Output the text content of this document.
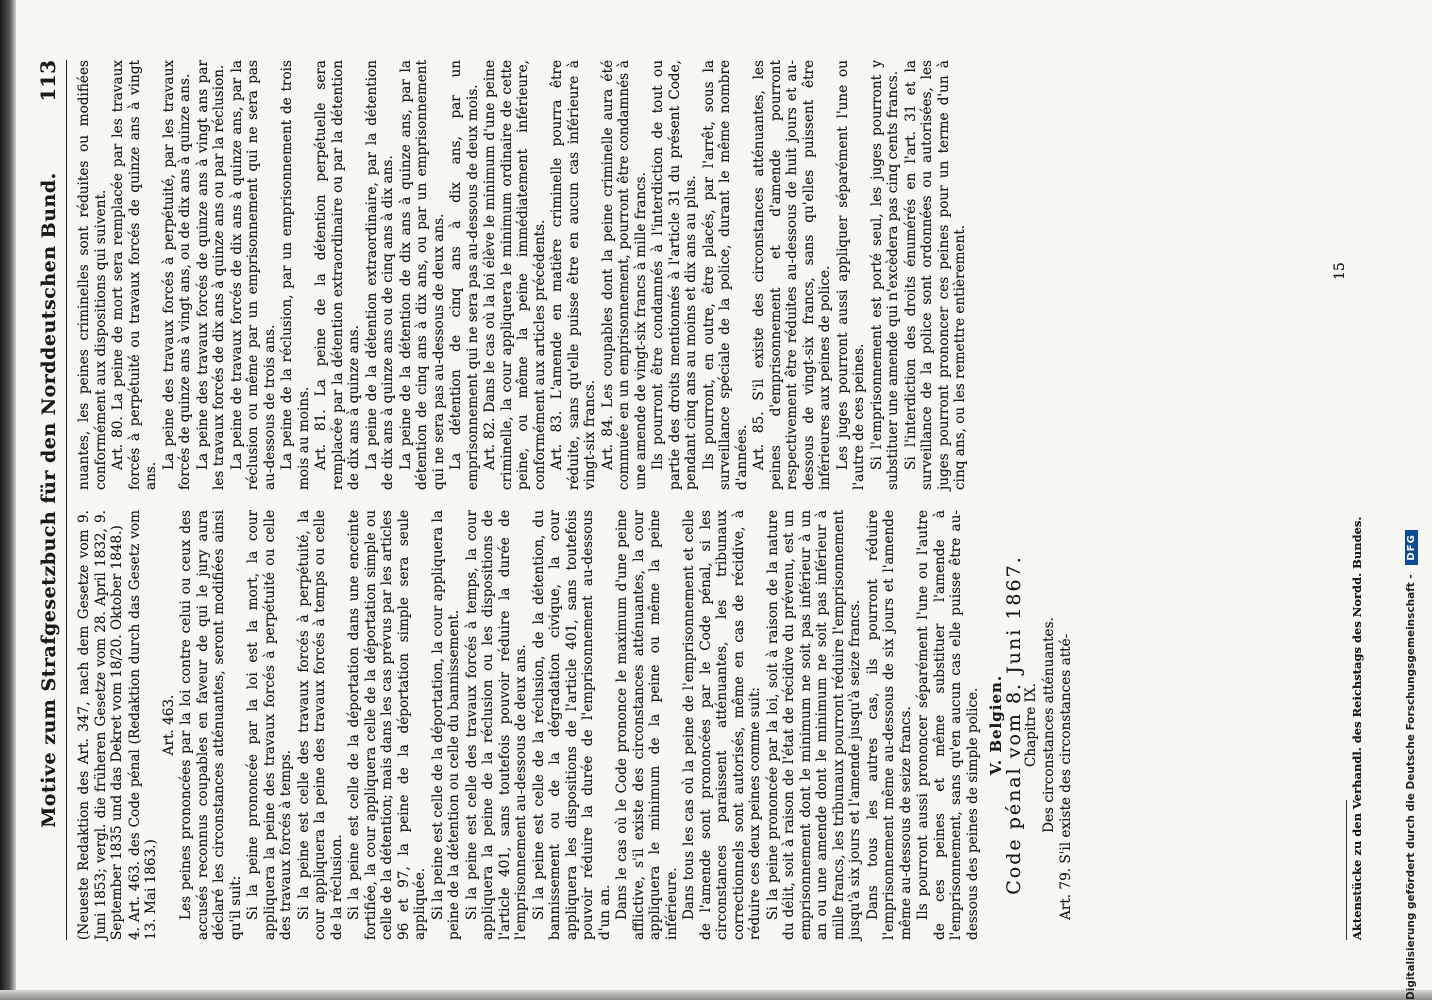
Digitalisierung gefördert durch die Deutsche Forschungsgemeinschaft - DFG
Motive zum Strafgesetzbuch für den Norddeutschen Bund.
113

(Neueste Redaktion des Art. 347, nach dem Gesetze vom 9. Juni 1853; vergl. die früheren Gesetze vom 28. April 1832, 9. September 1835 und das Dekret vom 18/20. Oktober 1848.) 4. Art. 463. des Code pénal (Redaktion durch das Gesetz vom 13. Mai 1863.)

Art. 463. Les peines prononcées par la loi contre celui ou ceux des accusés reconnus coupables en faveur de qui le jury aura déclaré les circonstances atténuantes, seront modifiées ainsi qu'il suit: Si la peine prononcée par la loi est la mort, la cour appliquera la peine des travaux forcés à perpétuité ou celle des travaux forcés à temps. Si la peine est celle des travaux forcés à perpétuité, la cour appliquera la peine des travaux forcés à temps ou celle de la réclusion. Si la peine est celle de la déportation dans une enceinte fortifiée, la cour appliquera celle de la déportation simple ou celle de la détention; mais dans les cas prévus par les articles 96 et 97, la peine de la déportation simple sera seule appliquée. Si la peine est celle de la déportation, la cour appliquera la peine de la détention ou celle du bannissement. Si la peine est celle des travaux forcés à temps, la cour appliquera la peine de la réclusion ou les dispositions de l'article 401, sans toutefois pouvoir réduire la durée de l'emprisonnement au-dessous de deux ans. Si la peine est celle de la réclusion, de la détention, du bannissement ou de la dégradation civique, la cour appliquera les dispositions de l'article 401, sans toutefois pouvoir réduire la durée de l'emprisonnement au-dessous d'un an. Dans le cas où le Code prononce le maximum d'une peine afflictive, s'il existe des circonstances atténuantes, la cour appliquera le minimum de la peine ou même la peine inférieure. Dans tous les cas où la peine de l'emprisonnement et celle de l'amende sont prononcées par le Code pénal, si les circonstances paraissent atténuantes, les tribunaux correctionnels sont autorisés, même en cas de récidive, à réduire ces deux peines comme suit: Si la peine prononcée par la loi, soit à raison de la nature du délit, soit à raison de l'état de récidive du prévenu, est un emprisonnement dont le minimum ne soit pas inférieur à un an ou une amende dont le minimum ne soit pas inférieur à mille francs, les tribunaux pourront réduire l'emprisonnement jusqu'à six jours et l'amende jusqu'à seize francs. Dans tous les autres cas, ils pourront réduire l'emprisonnement même au-dessous de six jours et l'amende même au-dessous de seize francs. Ils pourront aussi prononcer séparément l'une ou l'autre de ces peines et même substituer l'amende à l'emprisonnement, sans qu'en aucun cas elle puisse être au-dessous des peines de simple police. V. Belgien.

Code pénal vom 8. Juni 1867.

Chapitre IX. Des circonstances atténuantes. Art. 79. S'il existe des circonstances atté-

nuantes, les peines criminelles sont réduites ou modifiées conformément aux dispositions qui suivent. Art. 80. La peine de mort sera remplacée par les travaux forcés à perpétuité ou travaux forcés de quinze ans à vingt ans.

La peine des travaux forcés à perpétuité, par les travaux forcés de quinze ans à vingt ans, ou de dix ans à quinze ans. La peine des travaux forcés de quinze ans à vingt ans par les travaux forcés de dix ans à quinze ans ou par la réclusion. La peine de travaux forcés de dix ans à quinze ans, par la réclusion ou même par un emprisonnement qui ne sera pas au-dessous de trois ans. La peine de la réclusion, par un emprisonnement de trois mois au moins. Art. 81. La peine de la détention perpétuelle sera remplacée par la détention extraordinaire ou par la détention de dix ans à quinze ans. La peine de la détention extraordinaire, par la détention de dix ans à quinze ans ou de cinq ans à dix ans. La peine de la détention de dix ans à quinze ans, par la détention de cinq ans à dix ans, ou par un emprisonnement qui ne sera pas au-dessous de deux ans. La détention de cinq ans à dix ans, par un emprisonnement qui ne sera pas au-dessous de deux mois. Art. 82. Dans le cas où la loi élève le minimum d'une peine criminelle, la cour appliquera le minimum ordinaire de cette peine, ou même la peine immédiatement inférieure, conformément aux articles précédents. Art. 83. L'amende en matière criminelle pourra être réduite, sans qu'elle puisse être en aucun cas inférieure à vingt-six francs. Art. 84. Les coupables dont la peine criminelle aura été commuée en un emprisonnement, pourront être condamnés à une amende de vingt-six francs à mille francs. Ils pourront être condamnés à l'interdiction de tout ou partie des droits mentionnés à l'article 31 du présent Code, pendant cinq ans au moins et dix ans au plus. Ils pourront, en outre, être placés, par l'arrêt, sous la surveillance spéciale de la police, durant le même nombre d'années. Art. 85. S'il existe des circonstances atténuantes, les peines d'emprisonnement et d'amende pourront respectivement être réduites au-dessous de huit jours et au-dessous de vingt-six francs, sans qu'elles puissent être inférieures aux peines de police. Les juges pourront aussi appliquer séparément l'une ou l'autre de ces peines. Si l'emprisonnement est porté seul, les juges pourront y substituer une amende qui n'excèdera pas cinq cents francs. Si l'interdiction des droits énumérés en l'art. 31 et la surveillance de la police sont ordonnées ou autorisées, les juges pourront prononcer ces peines pour un terme d'un à cinq ans, ou les remettre entièrement.	15
Aktenstücke zu den Verhandl. des Reichstags des Nordd. Bundes.
